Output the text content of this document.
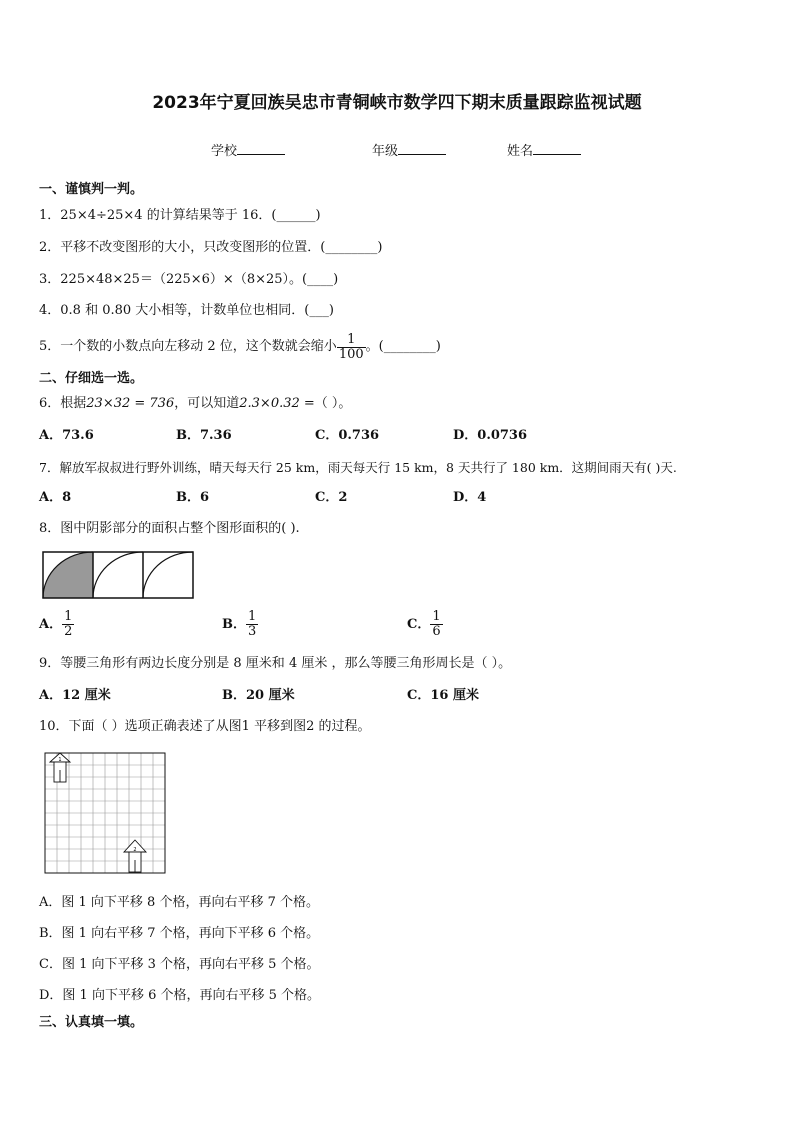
2023年宁夏回族吴忠市青铜峡市数学四下期末质量跟踪监视试题
学校	年级	姓名
一、谨慎判一判。
1．25×4÷25×4 的计算结果等于 16．(______)
2．平移不改变图形的大小，只改变图形的位置．(________)
3．225×48×25＝（225×6）×（8×25）。(____)
4．0.8 和 0.80 大小相等，计数单位也相同．(___)
5．一个数的小数点向左移动 2 位，这个数就会缩小 $\frac{1}{100}$ 。(________)
二、仔细选一选。
6．根据23×32 = 736，可以知道2.3×0.32 =（ ）。
A．73.6	B．7.36	C．0.736	D．0.0736
7．解放军叔叔进行野外训练，晴天每天行 25 km，雨天每天行 15 km，8 天共行了 180 km．这期间雨天有( )天.
A．8	B．6	C．2	D．4
8．图中阴影部分的面积占整个图形面积的( ).
A． $\frac{1}{2}$	B． $\frac{1}{3}$	C． $\frac{1}{6}$
9．等腰三角形有两边长度分别是 8 厘米和 4 厘米 ，那么等腰三角形周长是（ ）。
A．12 厘米	B．20 厘米	C．16 厘米
10．下面（ ）选项正确表述了从图1 平移到图2 的过程。
1
2
A．图 1 向下平移 8 个格，再向右平移 7 个格。
B．图 1 向右平移 7 个格，再向下平移 6 个格。
C．图 1 向下平移 3 个格，再向右平移 5 个格。
D．图 1 向下平移 6 个格，再向右平移 5 个格。
三、认真填一填。
